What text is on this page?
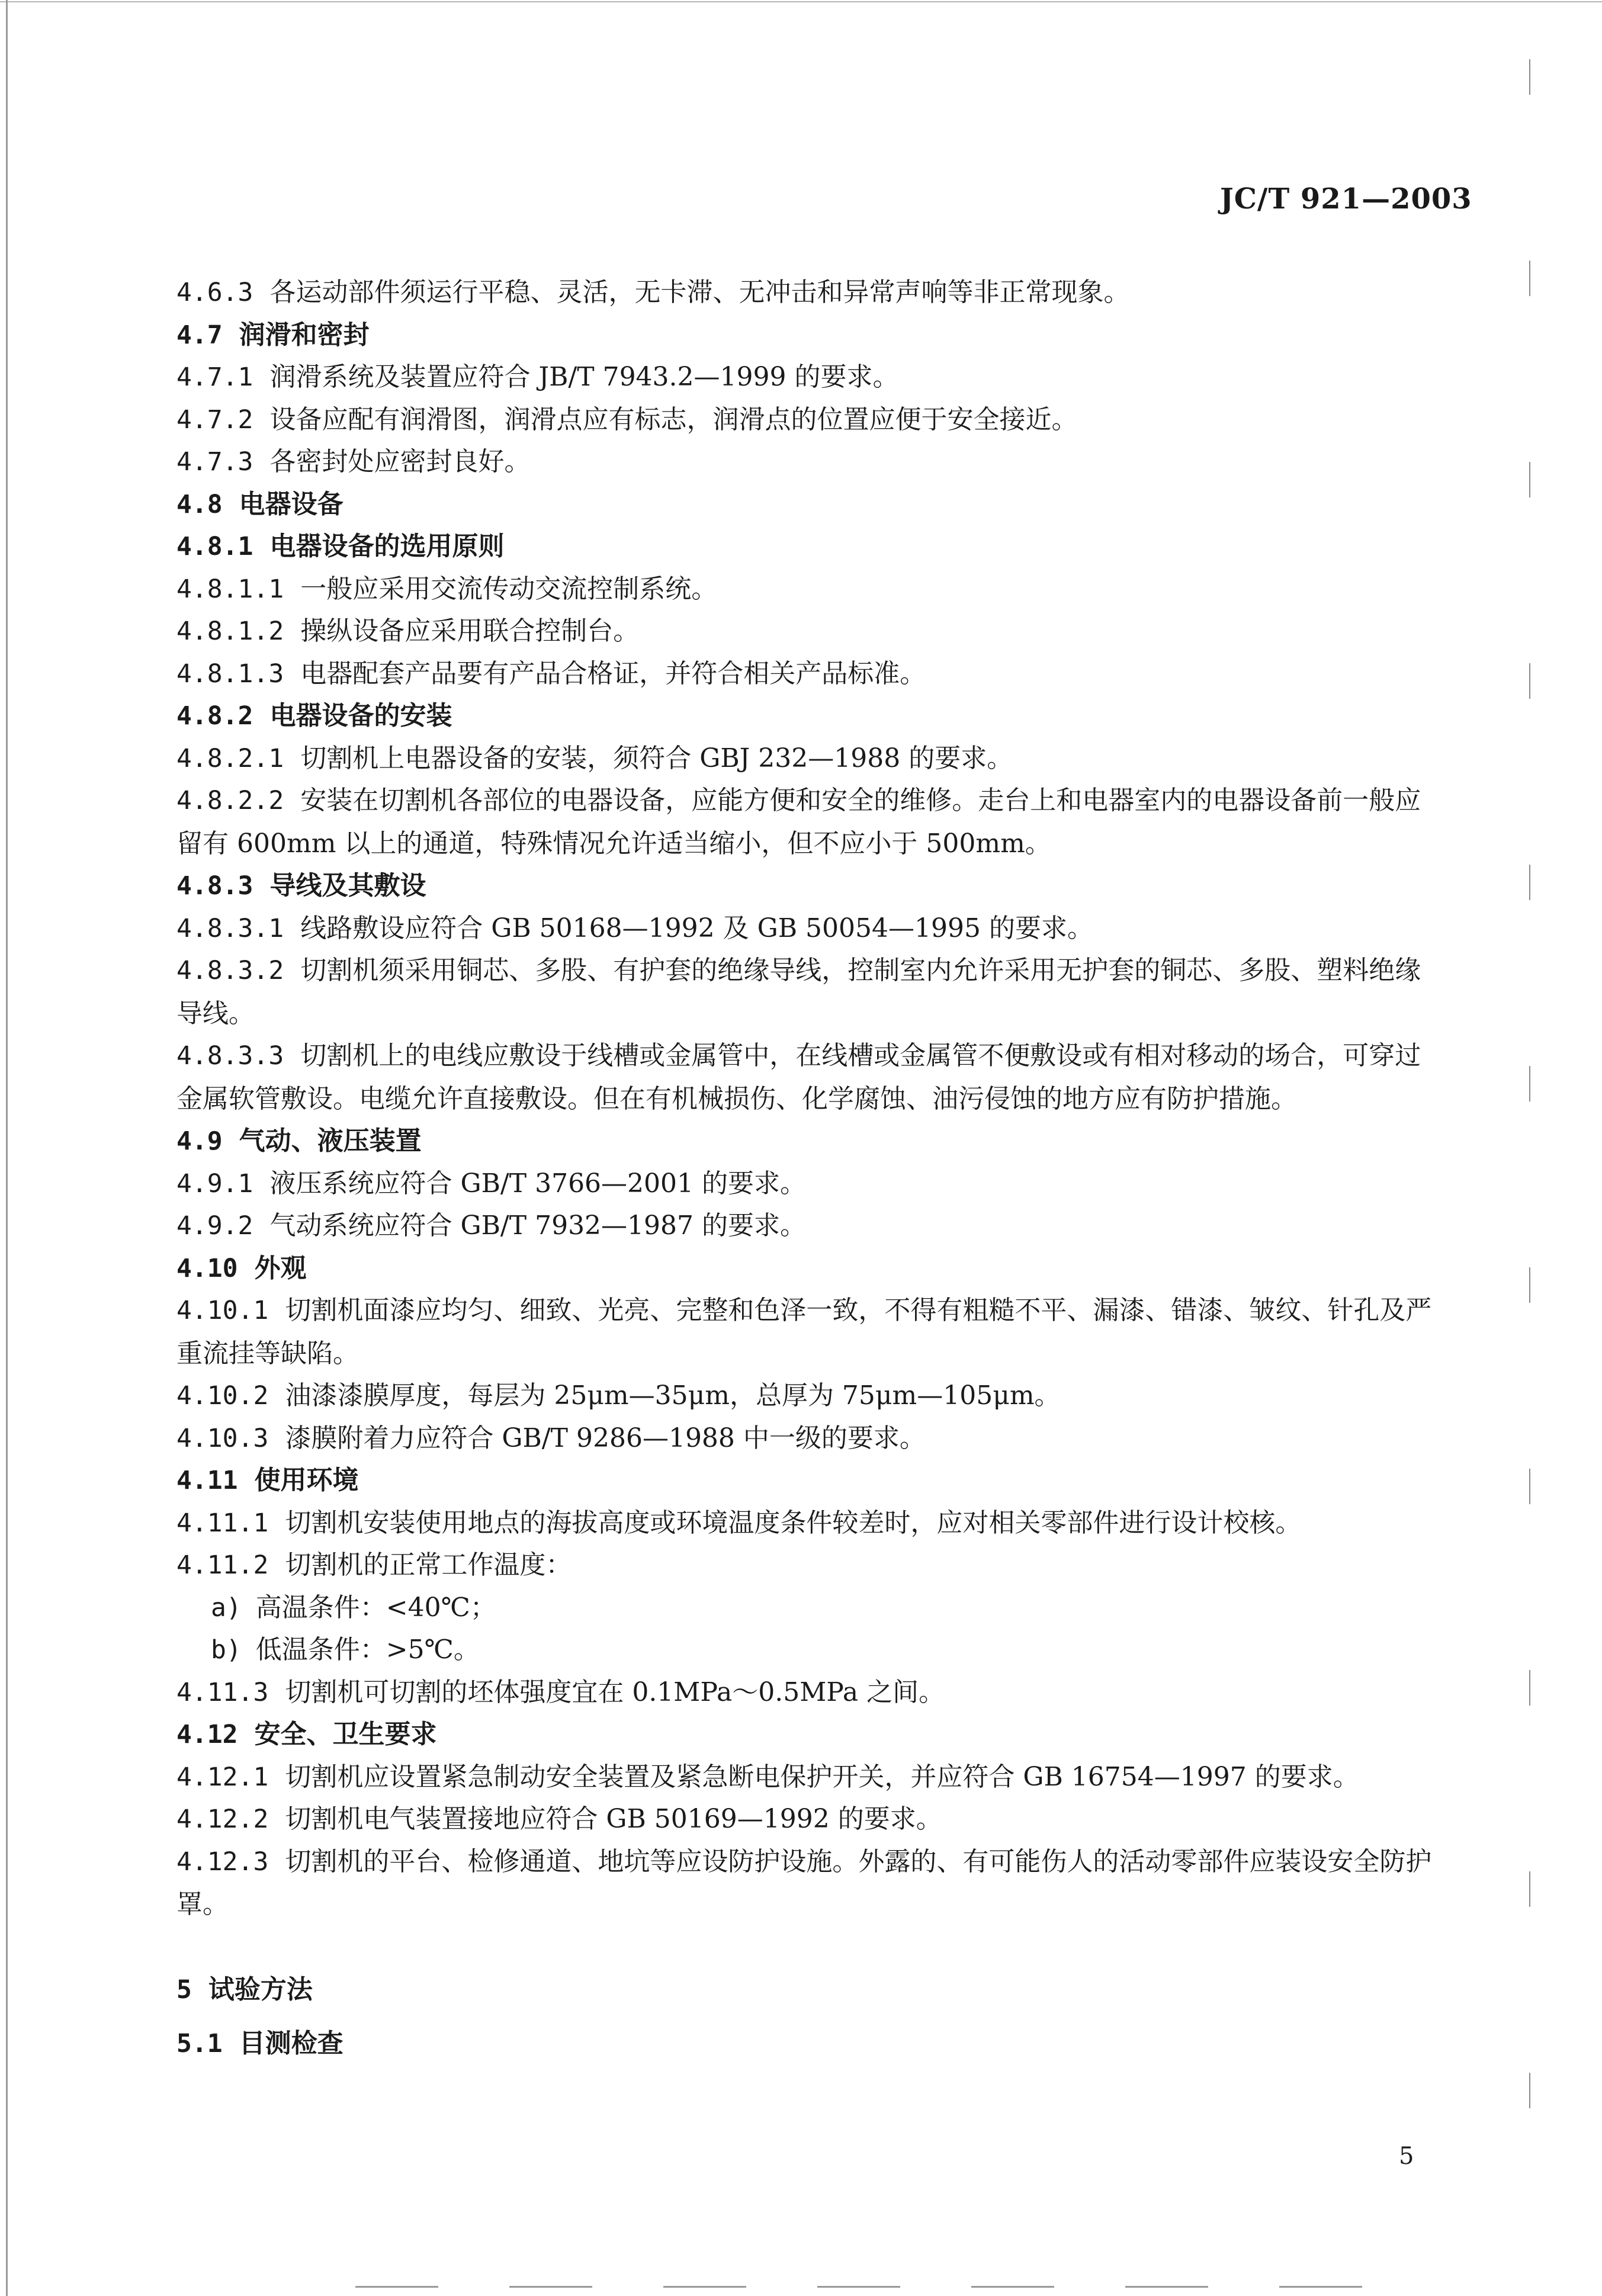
JC/T 921—2003
4.6.3 各运动部件须运行平稳、灵活，无卡滞、无冲击和异常声响等非正常现象。
4.7 润滑和密封
4.7.1 润滑系统及装置应符合 JB/T 7943.2—1999 的要求。
4.7.2 设备应配有润滑图，润滑点应有标志，润滑点的位置应便于安全接近。
4.7.3 各密封处应密封良好。
4.8 电器设备
4.8.1 电器设备的选用原则
4.8.1.1 一般应采用交流传动交流控制系统。
4.8.1.2 操纵设备应采用联合控制台。
4.8.1.3 电器配套产品要有产品合格证，并符合相关产品标准。
4.8.2 电器设备的安装
4.8.2.1 切割机上电器设备的安装，须符合 GBJ 232—1988 的要求。
4.8.2.2 安装在切割机各部位的电器设备，应能方便和安全的维修。走台上和电器室内的电器设备前一般应留有 600mm 以上的通道，特殊情况允许适当缩小，但不应小于 500mm。
4.8.3 导线及其敷设
4.8.3.1 线路敷设应符合 GB 50168—1992 及 GB 50054—1995 的要求。
4.8.3.2 切割机须采用铜芯、多股、有护套的绝缘导线，控制室内允许采用无护套的铜芯、多股、塑料绝缘导线。
4.8.3.3 切割机上的电线应敷设于线槽或金属管中，在线槽或金属管不便敷设或有相对移动的场合，可穿过金属软管敷设。电缆允许直接敷设。但在有机械损伤、化学腐蚀、油污侵蚀的地方应有防护措施。
4.9 气动、液压装置
4.9.1 液压系统应符合 GB/T 3766—2001 的要求。
4.9.2 气动系统应符合 GB/T 7932—1987 的要求。
4.10 外观
4.10.1 切割机面漆应均匀、细致、光亮、完整和色泽一致，不得有粗糙不平、漏漆、错漆、皱纹、针孔及严重流挂等缺陷。
4.10.2 油漆漆膜厚度，每层为 25μm—35μm，总厚为 75μm—105μm。
4.10.3 漆膜附着力应符合 GB/T 9286—1988 中一级的要求。
4.11 使用环境
4.11.1 切割机安装使用地点的海拔高度或环境温度条件较差时，应对相关零部件进行设计校核。
4.11.2 切割机的正常工作温度：
a) 高温条件：<40℃；
b) 低温条件：>5℃。
4.11.3 切割机可切割的坯体强度宜在 0.1MPa～0.5MPa 之间。
4.12 安全、卫生要求
4.12.1 切割机应设置紧急制动安全装置及紧急断电保护开关，并应符合 GB 16754—1997 的要求。
4.12.2 切割机电气装置接地应符合 GB 50169—1992 的要求。
4.12.3 切割机的平台、检修通道、地坑等应设防护设施。外露的、有可能伤人的活动零部件应装设安全防护罩。
5 试验方法
5.1 目测检查
5
